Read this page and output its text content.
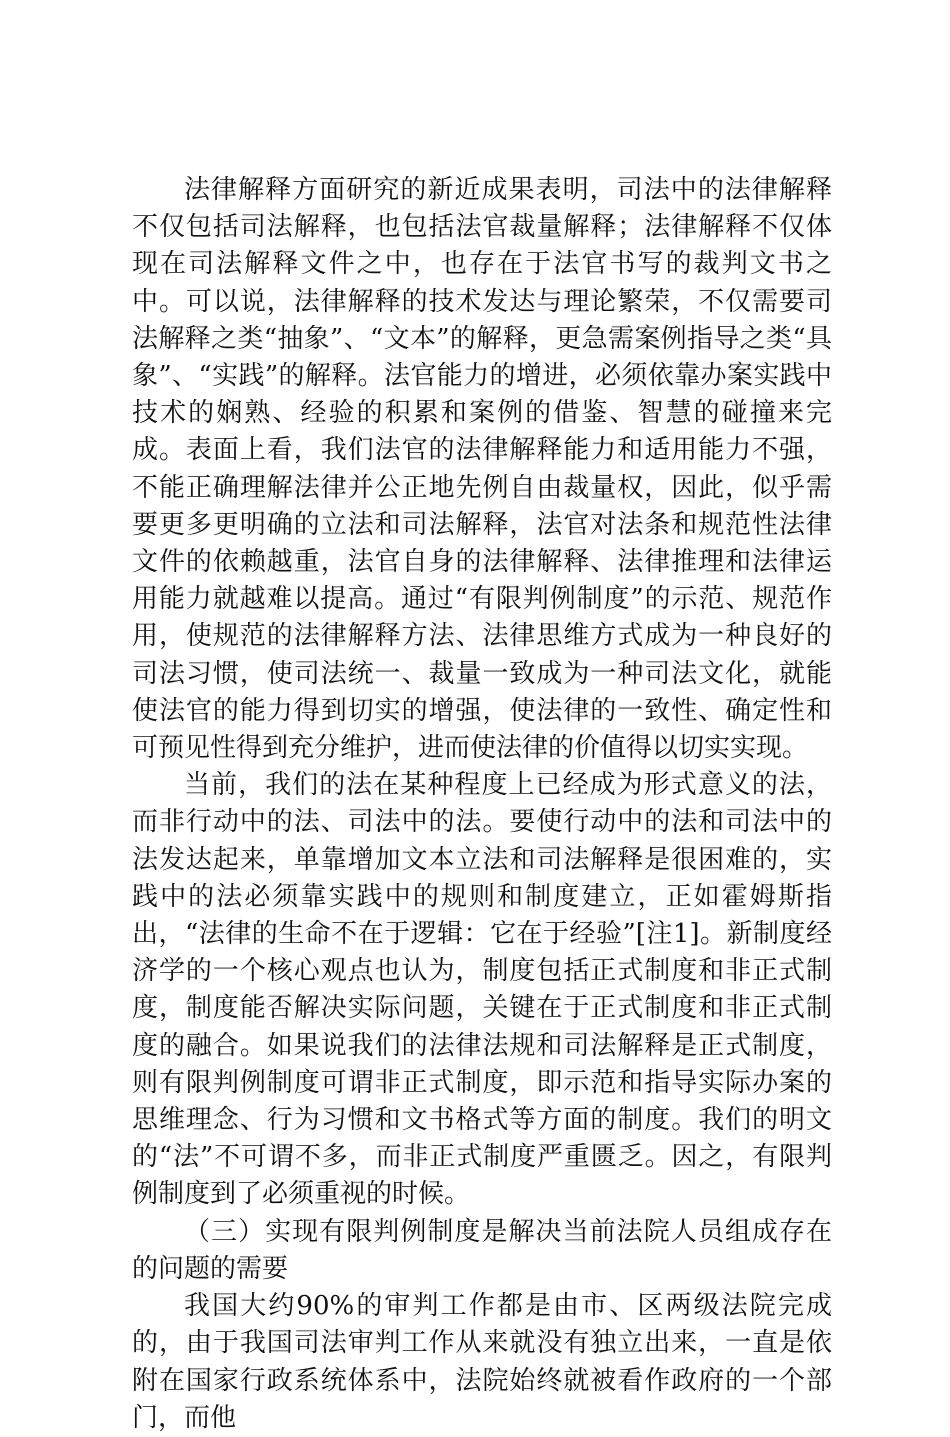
法律解释方面研究的新近成果表明，司法中的法律解释不仅包括司法解释，也包括法官裁量解释；法律解释不仅体现在司法解释文件之中，也存在于法官书写的裁判文书之中。可以说，法律解释的技术发达与理论繁荣，不仅需要司法解释之类“抽象”、“文本”的解释，更急需案例指导之类“具象”、“实践”的解释。法官能力的增进，必须依靠办案实践中技术的娴熟、经验的积累和案例的借鉴、智慧的碰撞来完成。表面上看，我们法官的法律解释能力和适用能力不强，不能正确理解法律并公正地先例自由裁量权，因此，似乎需要更多更明确的立法和司法解释，法官对法条和规范性法律文件的依赖越重，法官自身的法律解释、法律推理和法律运用能力就越难以提高。通过“有限判例制度”的示范、规范作用，使规范的法律解释方法、法律思维方式成为一种良好的司法习惯，使司法统一、裁量一致成为一种司法文化，就能使法官的能力得到切实的增强，使法律的一致性、确定性和可预见性得到充分维护，进而使法律的价值得以切实实现。

当前，我们的法在某种程度上已经成为形式意义的法，而非行动中的法、司法中的法。要使行动中的法和司法中的法发达起来，单靠增加文本立法和司法解释是很困难的，实践中的法必须靠实践中的规则和制度建立，正如霍姆斯指出，“法律的生命不在于逻辑：它在于经验”[注1]。新制度经济学的一个核心观点也认为，制度包括正式制度和非正式制度，制度能否解决实际问题，关键在于正式制度和非正式制度的融合。如果说我们的法律法规和司法解释是正式制度，则有限判例制度可谓非正式制度，即示范和指导实际办案的思维理念、行为习惯和文书格式等方面的制度。我们的明文的“法”不可谓不多，而非正式制度严重匮乏。因之，有限判例制度到了必须重视的时候。

（三）实现有限判例制度是解决当前法院人员组成存在的问题的需要

我国大约90%的审判工作都是由市、区两级法院完成的，由于我国司法审判工作从来就没有独立出来，一直是依附在国家行政系统体系中，法院始终就被看作政府的一个部门，而他
